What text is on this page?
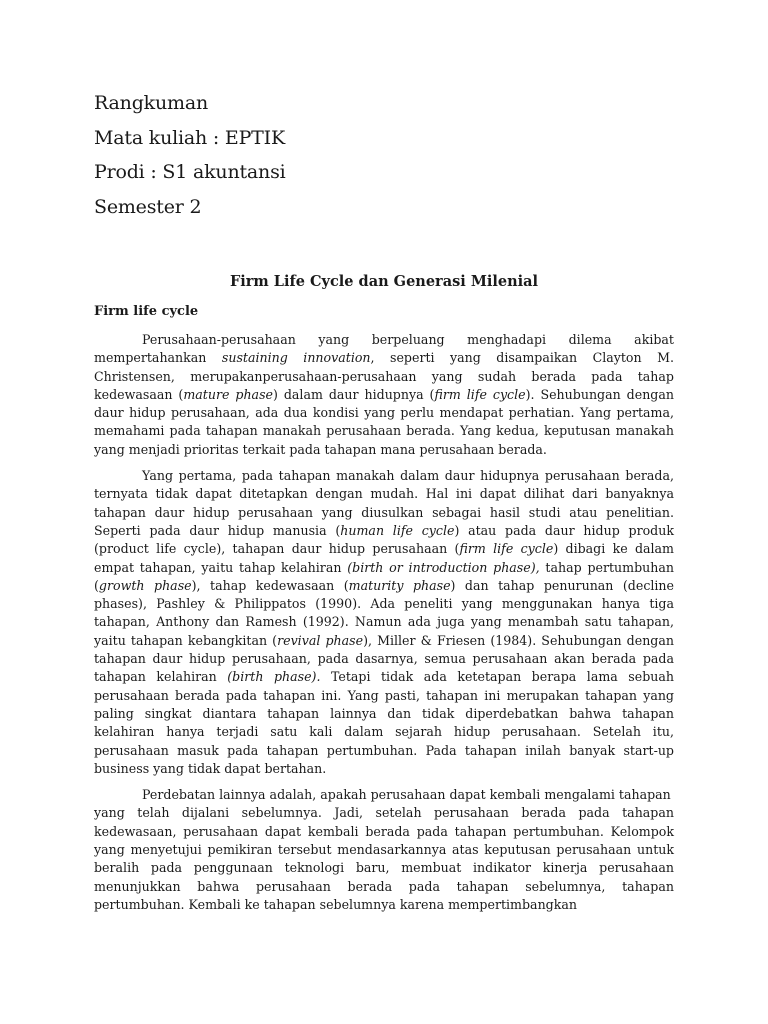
Rangkuman

Mata kuliah : EPTIK

Prodi : S1 akuntansi

Semester 2

Firm Life Cycle dan Generasi Milenial
Firm life cycle

Perusahaan-perusahaan yang berpeluang menghadapi dilema akibat mempertahankan sustaining innovation, seperti yang disampaikan Clayton M. Christensen, merupakanperusahaan-perusahaan yang sudah berada pada tahap kedewasaan (mature phase) dalam daur hidupnya (firm life cycle). Sehubungan dengan daur hidup perusahaan, ada dua kondisi yang perlu mendapat perhatian. Yang pertama, memahami pada tahapan manakah perusahaan berada. Yang kedua, keputusan manakah yang menjadi prioritas terkait pada tahapan mana perusahaan berada.

Yang pertama, pada tahapan manakah dalam daur hidupnya perusahaan berada, ternyata tidak dapat ditetapkan dengan mudah. Hal ini dapat dilihat dari banyaknya tahapan daur hidup perusahaan yang diusulkan sebagai hasil studi atau penelitian. Seperti pada daur hidup manusia (human life cycle) atau pada daur hidup produk (product life cycle), tahapan daur hidup perusahaan (firm life cycle) dibagi ke dalam empat tahapan, yaitu tahap kelahiran (birth or introduction phase), tahap pertumbuhan (growth phase), tahap kedewasaan (maturity phase) dan tahap penurunan (decline phases), Pashley & Philippatos (1990). Ada peneliti yang menggunakan hanya tiga tahapan, Anthony dan Ramesh (1992). Namun ada juga yang menambah satu tahapan, yaitu tahapan kebangkitan (revival phase), Miller & Friesen (1984). Sehubungan dengan tahapan daur hidup perusahaan, pada dasarnya, semua perusahaan akan berada pada tahapan kelahiran (birth phase). Tetapi tidak ada ketetapan berapa lama sebuah perusahaan berada pada tahapan ini. Yang pasti, tahapan ini merupakan tahapan yang paling singkat diantara tahapan lainnya dan tidak diperdebatkan bahwa tahapan kelahiran hanya terjadi satu kali dalam sejarah hidup perusahaan. Setelah itu, perusahaan masuk pada tahapan pertumbuhan. Pada tahapan inilah banyak start-up business yang tidak dapat bertahan.

Perdebatan lainnya adalah, apakah perusahaan dapat kembali mengalami tahapan
yang telah dijalani sebelumnya. Jadi, setelah perusahaan berada pada tahapan kedewasaan, perusahaan dapat kembali berada pada tahapan pertumbuhan. Kelompok yang menyetujui pemikiran tersebut mendasarkannya atas keputusan perusahaan untuk beralih pada penggunaan teknologi baru, membuat indikator kinerja perusahaan menunjukkan bahwa perusahaan berada pada tahapan sebelumnya, tahapan pertumbuhan. Kembali ke tahapan sebelumnya karena mempertimbangkan
